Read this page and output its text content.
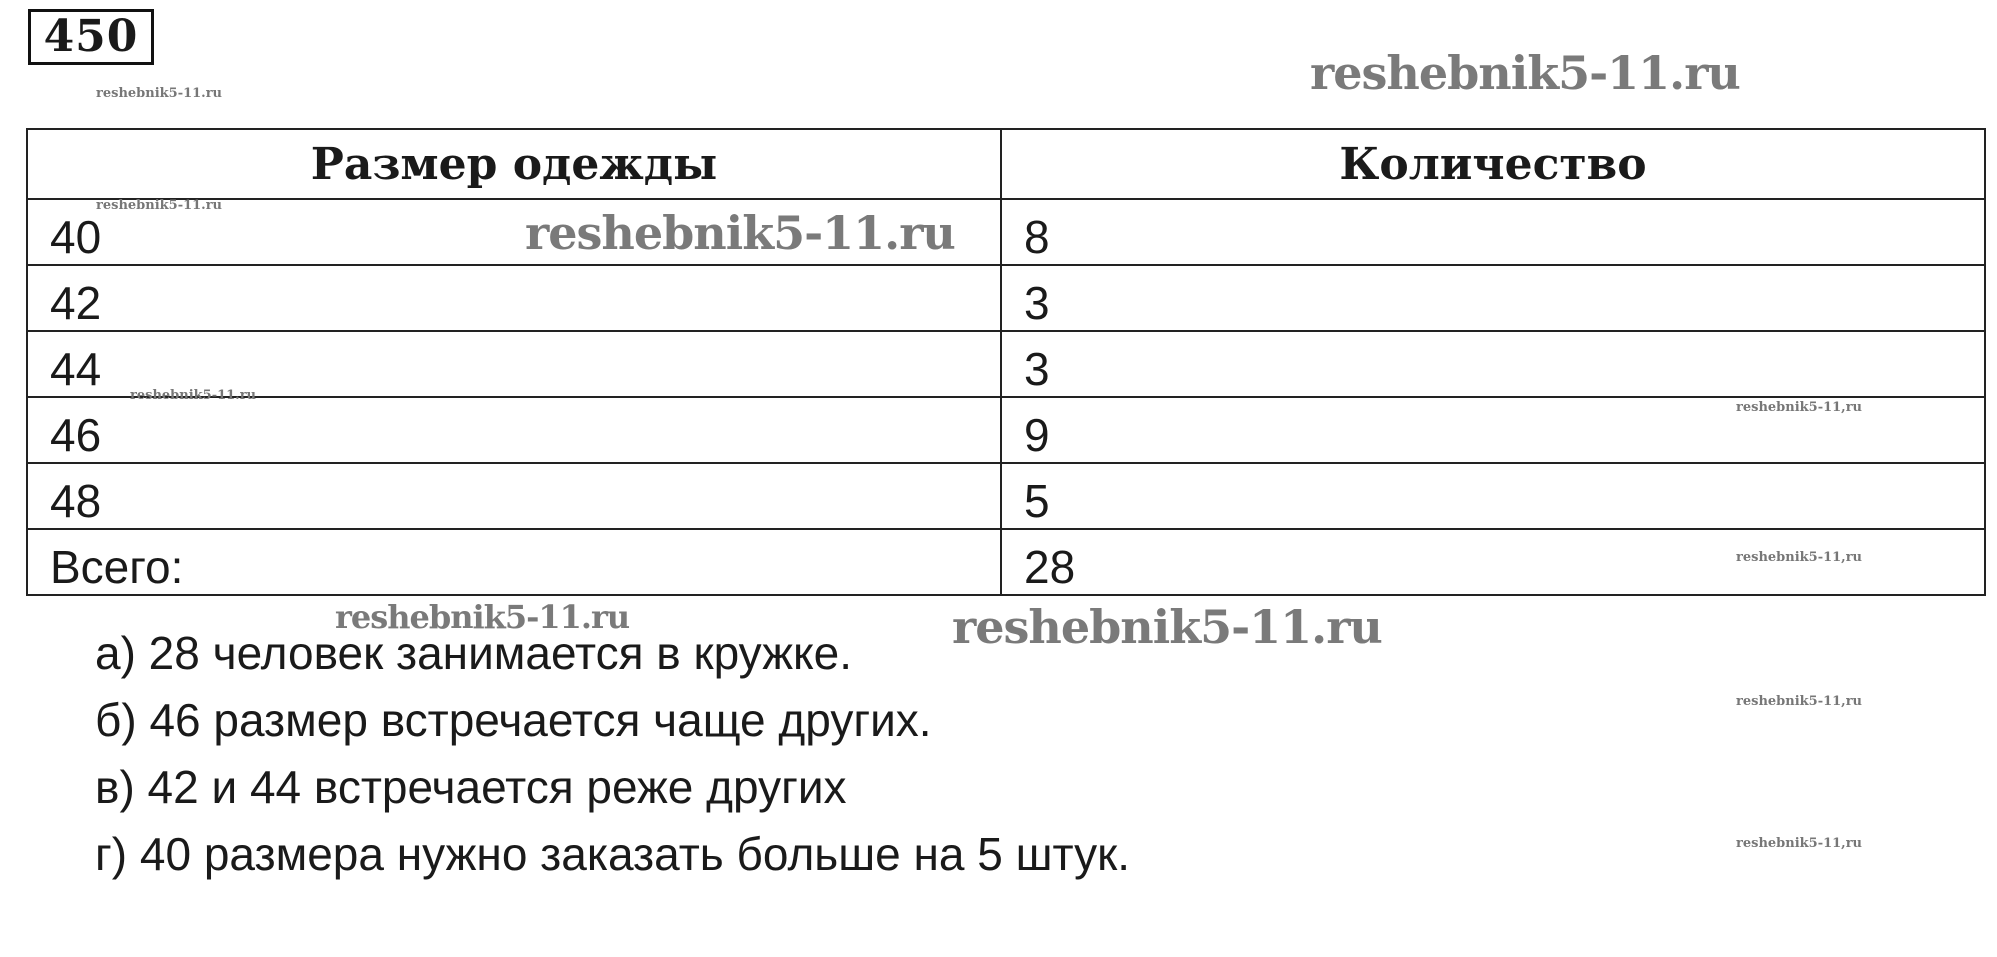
450
reshebnik5-11.ru
reshebnik5-11.ru
Размер одежды	Количество
40	8
42	3
44	3
46	9
48	5
Всего:	28
reshebnik5-11.ru
reshebnik5-11.ru
reshebnik5-11.ru
reshebnik5-11,ru
reshebnik5-11,ru
reshebnik5-11.ru	reshebnik5-11.ru
а) 28 человек занимается в кружке.
б) 46 размер встречается чаще других.
в) 42 и 44 встречается реже других
г) 40 размера нужно заказать больше на 5 штук.
reshebnik5-11,ru
reshebnik5-11,ru
